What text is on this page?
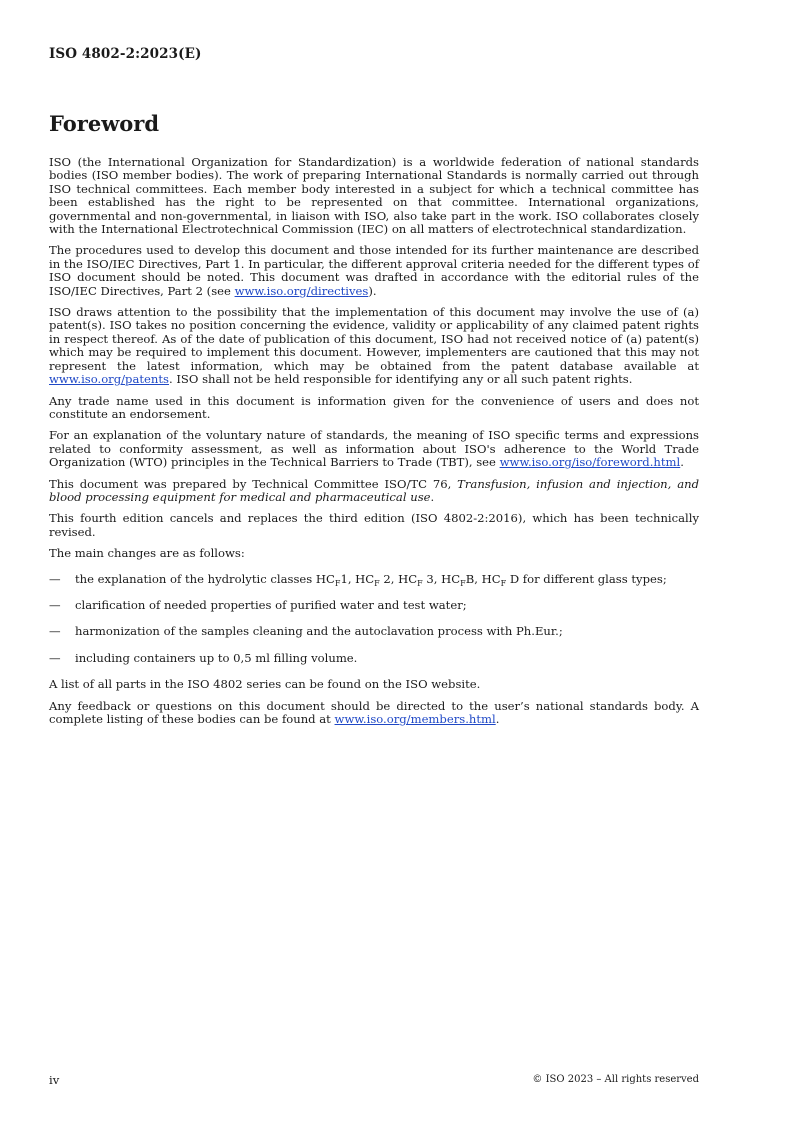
ISO 4802-2:2023(E)
Foreword

ISO (the International Organization for Standardization) is a worldwide federation of national standards bodies (ISO member bodies). The work of preparing International Standards is normally carried out through ISO technical committees. Each member body interested in a subject for which a technical committee has been established has the right to be represented on that committee. International organizations, governmental and non-governmental, in liaison with ISO, also take part in the work. ISO collaborates closely with the International Electrotechnical Commission (IEC) on all matters of electrotechnical standardization.

The procedures used to develop this document and those intended for its further maintenance are described in the ISO/IEC Directives, Part 1. In particular, the different approval criteria needed for the different types of ISO document should be noted. This document was drafted in accordance with the editorial rules of the ISO/IEC Directives, Part 2 (see www.iso.org/directives).

ISO draws attention to the possibility that the implementation of this document may involve the use of (a) patent(s). ISO takes no position concerning the evidence, validity or applicability of any claimed patent rights in respect thereof. As of the date of publication of this document, ISO had not received notice of (a) patent(s) which may be required to implement this document. However, implementers are cautioned that this may not represent the latest information, which may be obtained from the patent database available at www.iso.org/patents. ISO shall not be held responsible for identifying any or all such patent rights.

Any trade name used in this document is information given for the convenience of users and does not constitute an endorsement.

For an explanation of the voluntary nature of standards, the meaning of ISO specific terms and expressions related to conformity assessment, as well as information about ISO's adherence to the World Trade Organization (WTO) principles in the Technical Barriers to Trade (TBT), see www.iso.org/iso/foreword.html.

This document was prepared by Technical Committee ISO/TC 76, Transfusion, infusion and injection, and blood processing equipment for medical and pharmaceutical use.

This fourth edition cancels and replaces the third edition (ISO 4802-2:2016), which has been technically revised.

The main changes are as follows:

— the explanation of the hydrolytic classes $HC_F1$, $HC_F$ 2, $HC_F$ 3, $HC_FB$, $HC_F$ D for different glass types;
— clarification of needed properties of purified water and test water;
— harmonization of the samples cleaning and the autoclavation process with Ph.Eur.;
— including containers up to 0,5 ml filling volume.

A list of all parts in the ISO 4802 series can be found on the ISO website.

Any feedback or questions on this document should be directed to the user’s national standards body. A complete listing of these bodies can be found at www.iso.org/members.html.

iv	© ISO 2023 – All rights reserved
